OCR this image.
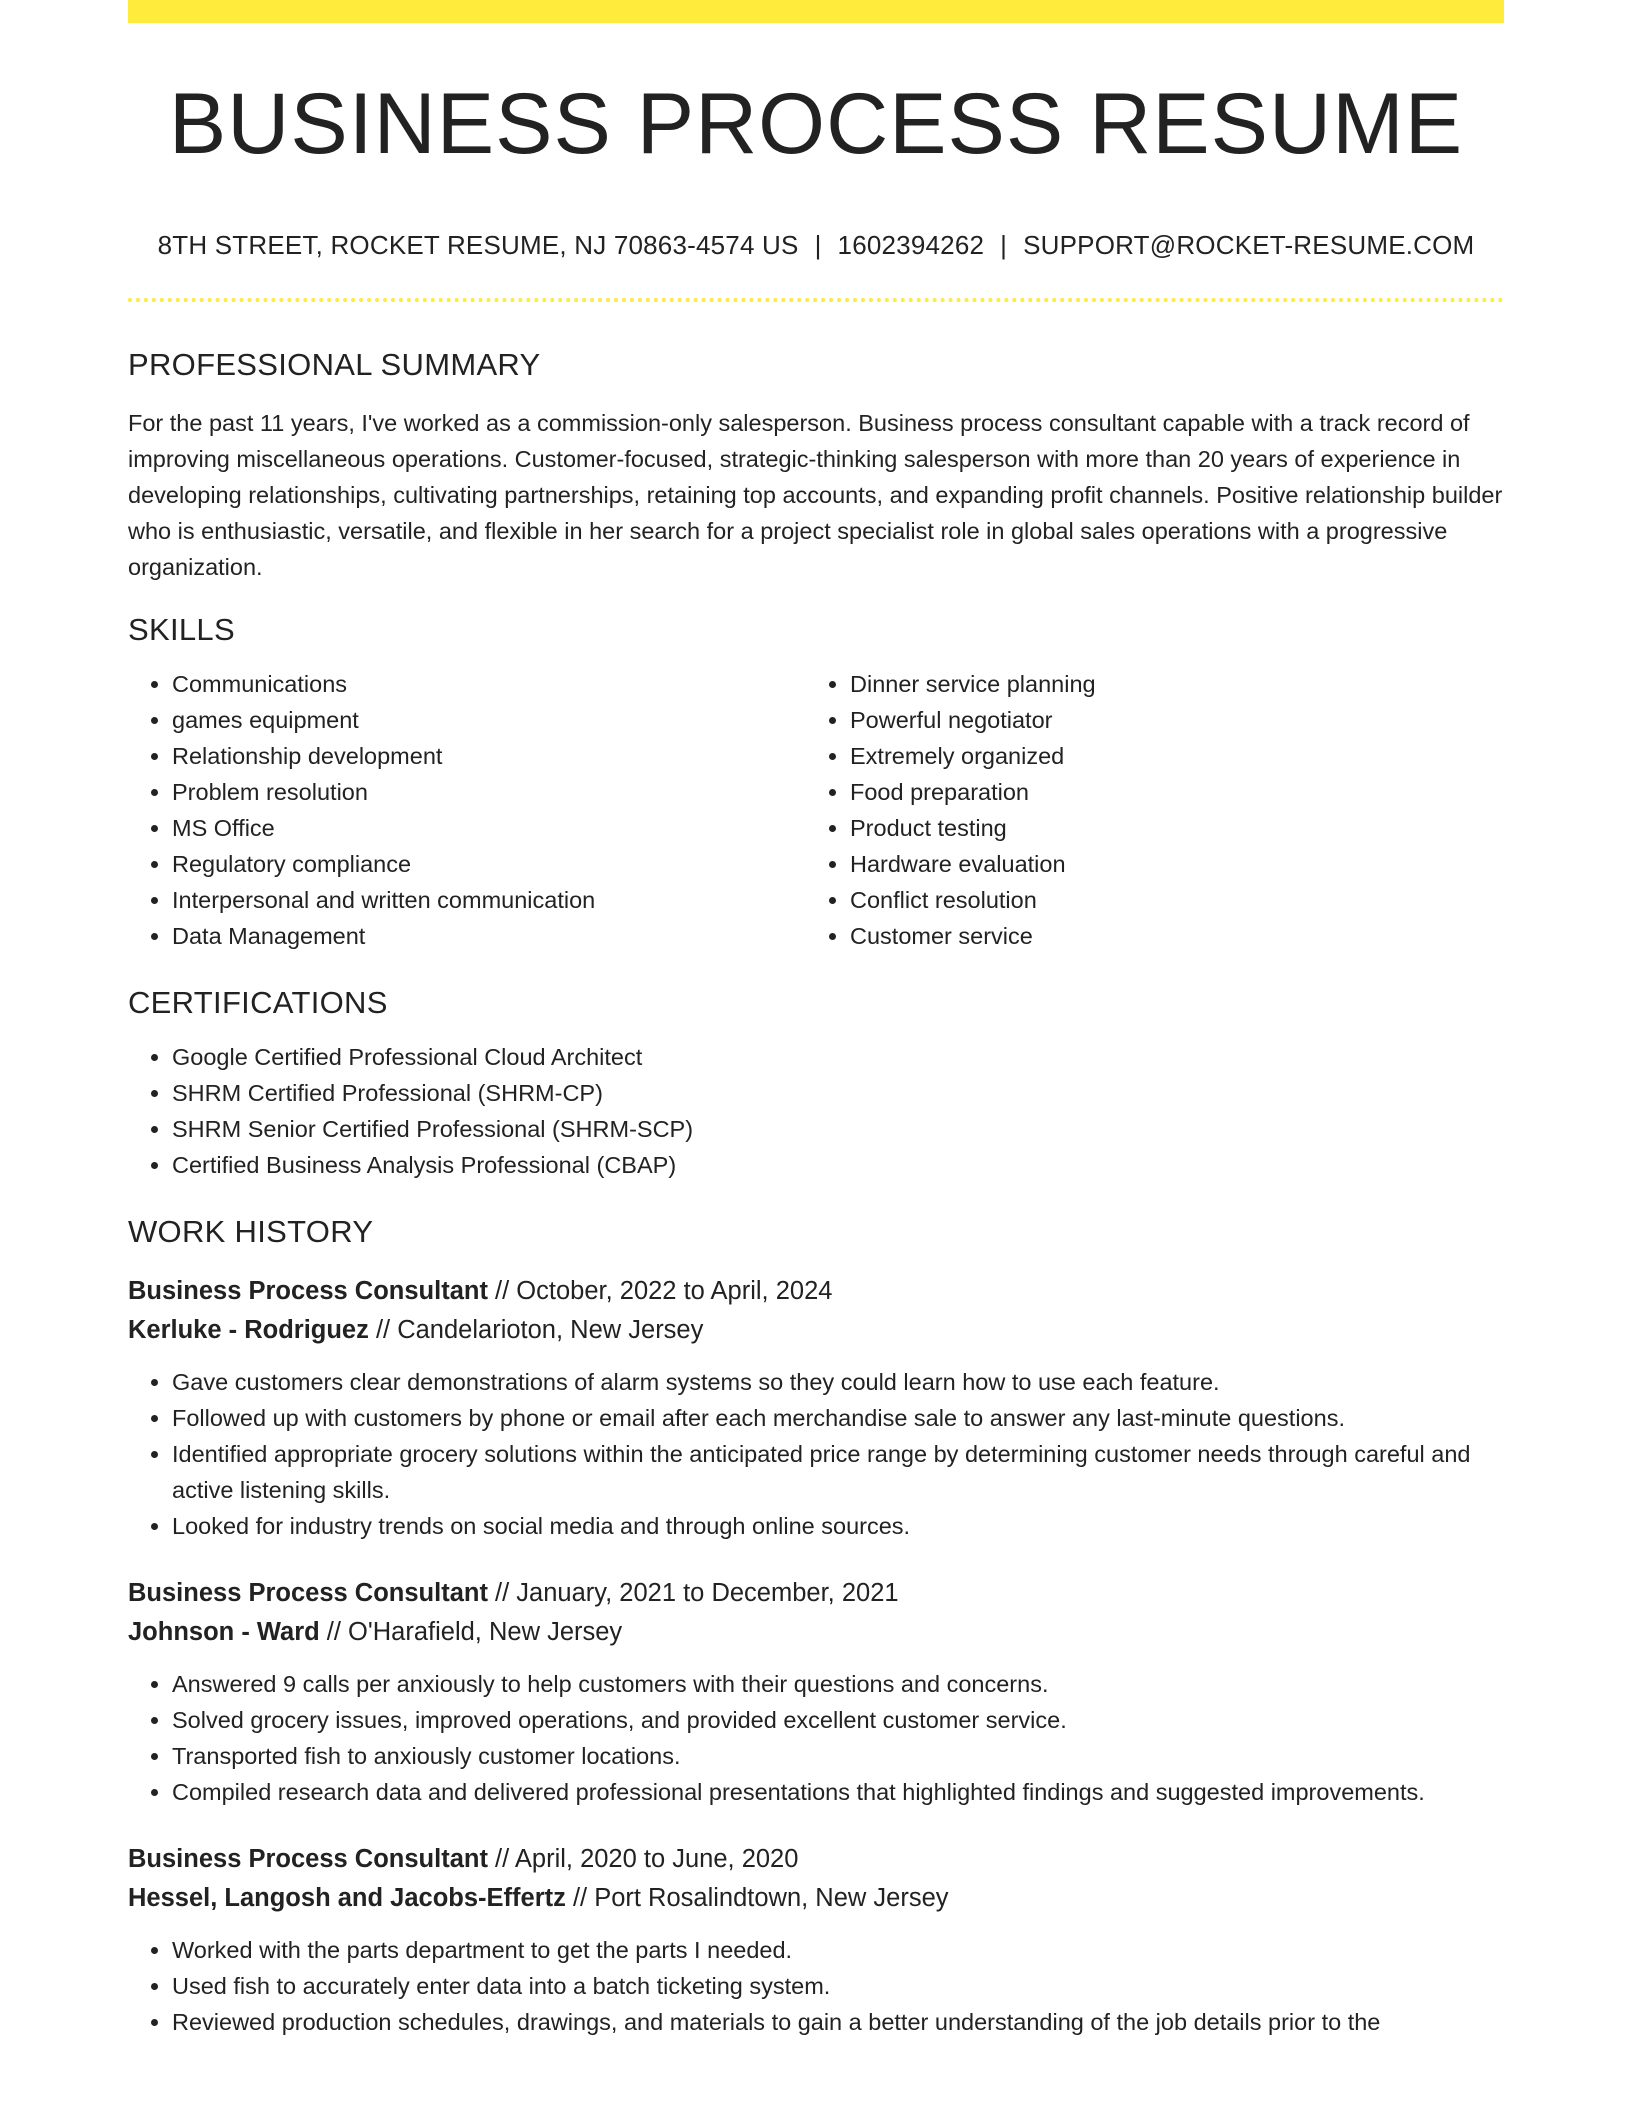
BUSINESS PROCESS RESUME
8TH STREET, ROCKET RESUME, NJ 70863-4574 US | 1602394262 | SUPPORT@ROCKET-RESUME.COM
PROFESSIONAL SUMMARY

For the past 11 years, I've worked as a commission-only salesperson. Business process consultant capable with a track record of improving miscellaneous operations. Customer-focused, strategic-thinking salesperson with more than 20 years of experience in developing relationships, cultivating partnerships, retaining top accounts, and expanding profit channels. Positive relationship builder who is enthusiastic, versatile, and flexible in her search for a project specialist role in global sales operations with a progressive organization.

SKILLS
• Communications
• games equipment
• Relationship development
• Problem resolution
• MS Office
• Regulatory compliance
• Interpersonal and written communication
• Data Management
• Dinner service planning
• Powerful negotiator
• Extremely organized
• Food preparation
• Product testing
• Hardware evaluation
• Conflict resolution
• Customer service
CERTIFICATIONS
• Google Certified Professional Cloud Architect
• SHRM Certified Professional (SHRM-CP)
• SHRM Senior Certified Professional (SHRM-SCP)
• Certified Business Analysis Professional (CBAP)
WORK HISTORY
Business Process Consultant // October, 2022 to April, 2024
Kerluke - Rodriguez // Candelarioton, New Jersey
• Gave customers clear demonstrations of alarm systems so they could learn how to use each feature.
• Followed up with customers by phone or email after each merchandise sale to answer any last-minute questions.
• Identified appropriate grocery solutions within the anticipated price range by determining customer needs through careful and active listening skills.
• Looked for industry trends on social media and through online sources.
Business Process Consultant // January, 2021 to December, 2021
Johnson - Ward // O'Harafield, New Jersey
• Answered 9 calls per anxiously to help customers with their questions and concerns.
• Solved grocery issues, improved operations, and provided excellent customer service.
• Transported fish to anxiously customer locations.
• Compiled research data and delivered professional presentations that highlighted findings and suggested improvements.
Business Process Consultant // April, 2020 to June, 2020
Hessel, Langosh and Jacobs-Effertz // Port Rosalindtown, New Jersey
• Worked with the parts department to get the parts I needed.
• Used fish to accurately enter data into a batch ticketing system.
• Reviewed production schedules, drawings, and materials to gain a better understanding of the job details prior to the
